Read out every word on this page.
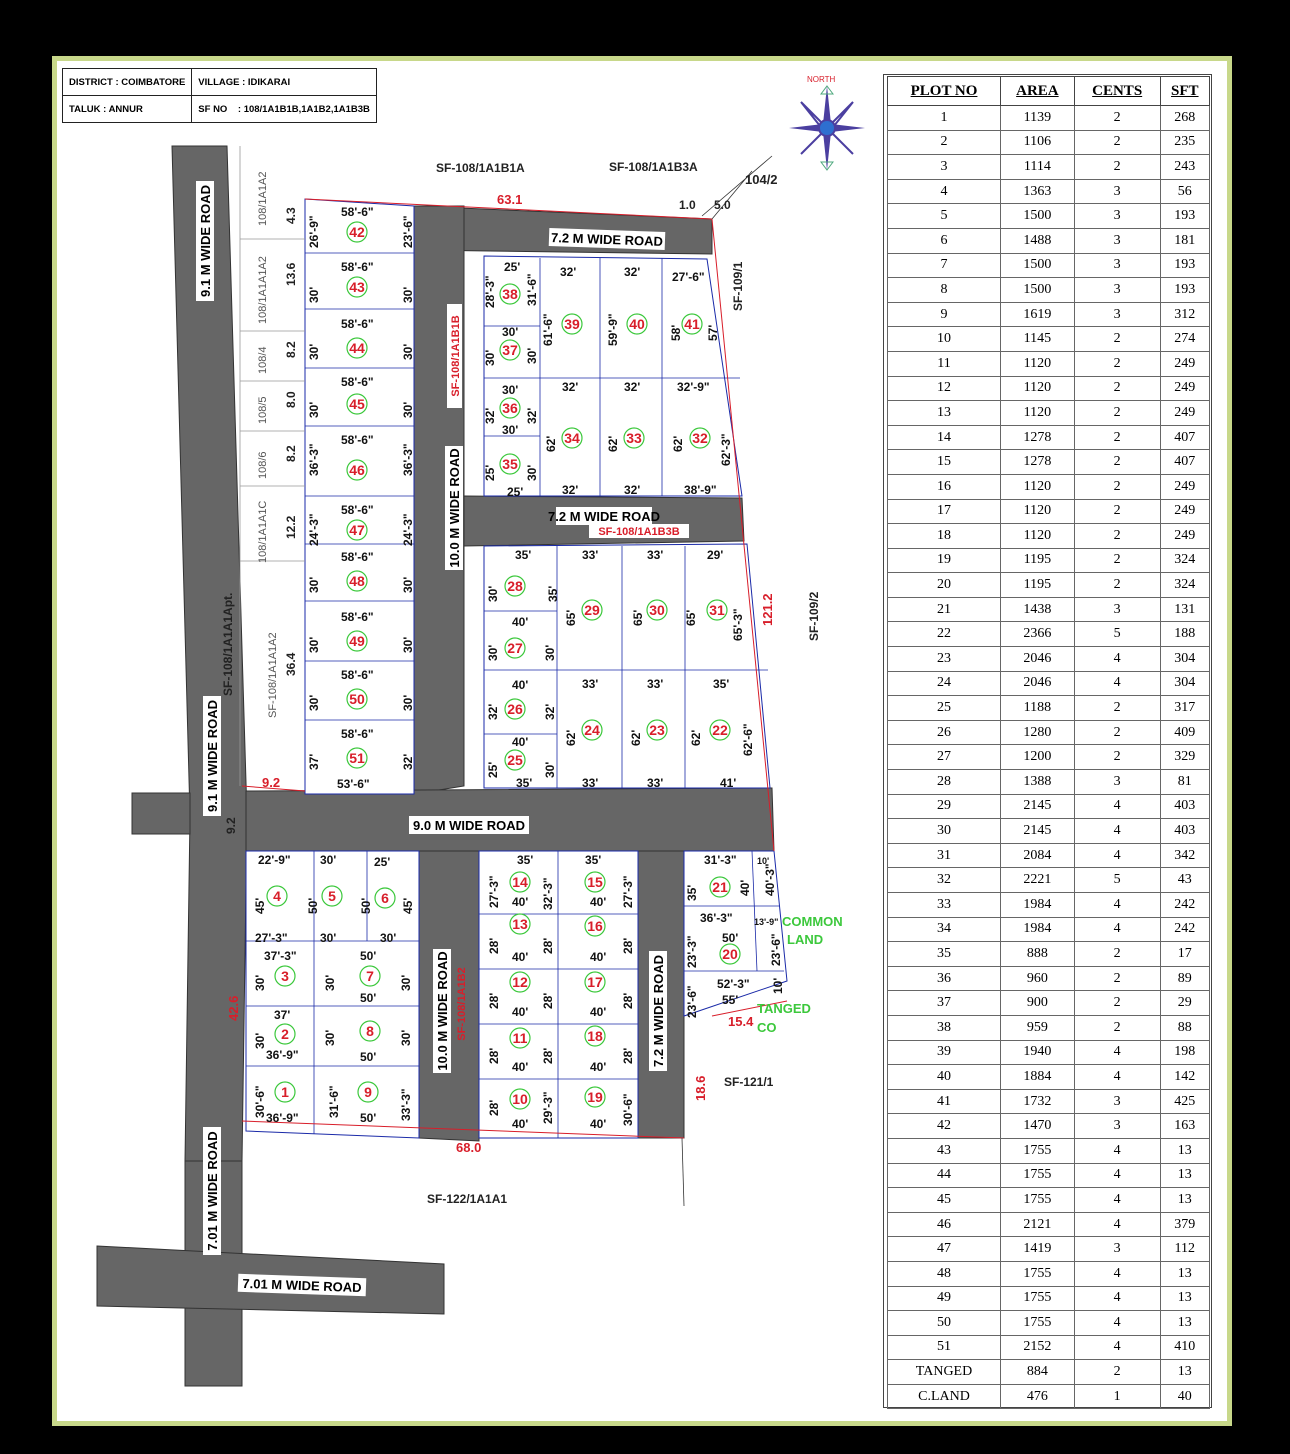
9.1 M WIDE ROAD
9.1 M WIDE ROAD
7.2 M WIDE ROAD
10.0 M WIDE ROAD	7.2 M WIDE ROAD
9.0 M WIDE ROAD
10.0 M WIDE ROAD	7.2 M WIDE ROAD
7.01 M WIDE ROAD
7.01 M WIDE ROAD
SF-108/1A1B1A	SF-108/1A1B3A
104/2
SF-109/1
SF-109/2
SF-121/1
SF-122/1A1A1
SF-108/1A1A1Apt.
SF-108/1A1B1B
SF-108/1A1B3B
SF-108/1A1B2
108/1A1A2
108/1A1A1A2
108/4
108/5
108/6
108/1A1A1C
SF-108/1A1A1A2
4.3
13.6
8.2
8.0
8.2
12.2
36.4
63.1
121.2
68.0
42.6
18.6
15.4
9.2
9.2
1.0 5.0
COMMON
LAND
TANGED
CO
NORTH
1
2
3
4	5	6
7
8
9	10
11
12
13
14	15
16
17
18
19
20
21
22
23
24
25
26
27
28
29	30	31
32
33
34
35
36
37
38
39	40	41
42
43
44
45
46
47
48
49
50
51
58'-6"
26'-9"	23'-6"
58'-6"
30'	30'
58'-6"
30'	30'
58'-6"
30'	30'
58'-6"
36'-3"	36'-3"
58'-6"
24'-3"	24'-3"
58'-6"
30'	30'
58'-6"
30'	30'
58'-6"
30'	30'
58'-6"
37'	32'
53'-6"
25'
28'-3" 31'-6"
32'
61'-6"
32'
59'-9"
27'-6"
58' 57'
30'
30' 30'
30'
32' 32'
30'
25' 30'
25'
32'
62'
32'
62'
32'-9"
62'	62'-3"
32'	32'	38'-9"
35'
30'	35'
33'
65'
33'
65'
29'
65'	65'-3"
40'
30'	30'
40'
32'	32'
40'
25'	30'
35'
33'
62'
33'
62'
35'
62'	62'-6"
33'	33'	41'
22'-9"
45'
30'
50'
25'
50' 45'
27'-3"	30'	30'
37'-3"
30'
50'
30'	30'
50'
37'
30'	30'	30'
36'-9"	50'
30'-6"	31'-6"	33'-3"
36'-9"	50'
35'
27'-3" 40'
35'
32'-3"	27'-3"
40'
28'
40'
28'	28'
40'
28'
40'
28'	28'
40'
28'
40'
28'	28'
40'
28'
40' 29'-3"	30'-6"
40'
31'-3"
35'	40' 40'-3"
36'-3"
50'
23'-3"	23'-6"
52'-3"
23'-6"	10'
55'
10'
13'-9"
DISTRICT : COIMBATORE	VILLAGE : IDIKARAI
TALUK : ANNUR	SF NO : 108/1A1B1B,1A1B2,1A1B3B
PLOT NO	AREA	CENTS	SFT
1	1139	2	268
2	1106	2	235
3	1114	2	243
4	1363	3	56
5	1500	3	193
6	1488	3	181
7	1500	3	193
8	1500	3	193
9	1619	3	312
10	1145	2	274
11	1120	2	249
12	1120	2	249
13	1120	2	249
14	1278	2	407
15	1278	2	407
16	1120	2	249
17	1120	2	249
18	1120	2	249
19	1195	2	324
20	1195	2	324
21	1438	3	131
22	2366	5	188
23	2046	4	304
24	2046	4	304
25	1188	2	317
26	1280	2	409
27	1200	2	329
28	1388	3	81
29	2145	4	403
30	2145	4	403
31	2084	4	342
32	2221	5	43
33	1984	4	242
34	1984	4	242
35	888	2	17
36	960	2	89
37	900	2	29
38	959	2	88
39	1940	4	198
40	1884	4	142
41	1732	3	425
42	1470	3	163
43	1755	4	13
44	1755	4	13
45	1755	4	13
46	2121	4	379
47	1419	3	112
48	1755	4	13
49	1755	4	13
50	1755	4	13
51	2152	4	410
TANGED	884	2	13
C.LAND	476	1	40
